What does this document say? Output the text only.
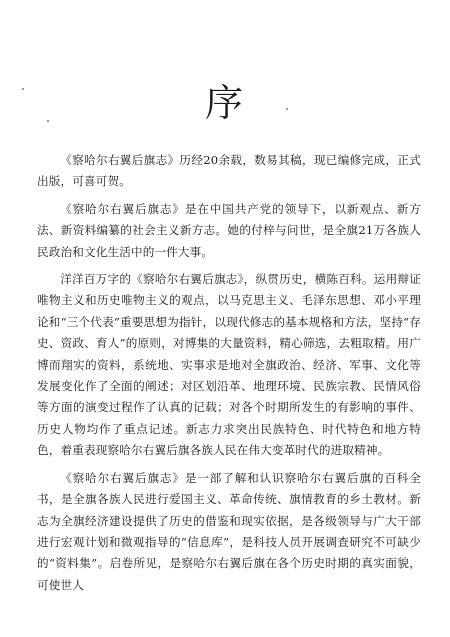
序

《察哈尔右翼后旗志》历经20余载，数易其稿，现已编修完成，正式出版，可喜可贺。

《察哈尔右翼后旗志》是在中国共产党的领导下，以新观点、新方法、新资料编纂的社会主义新方志。她的付梓与问世，是全旗21万各族人民政治和文化生活中的一件大事。

洋洋百万字的《察哈尔右翼后旗志》，纵贯历史，横陈百科。运用辩证唯物主义和历史唯物主义的观点，以马克思主义、毛泽东思想、邓小平理论和“三个代表”重要思想为指针，以现代修志的基本规格和方法，坚持“存史、资政、育人”的原则，对博集的大量资料，精心筛选，去粗取精。用广博而翔实的资料，系统地、实事求是地对全旗政治、经济、军事、文化等发展变化作了全面的阐述；对区划沿革、地理环境、民族宗教、民情风俗等方面的演变过程作了认真的记载；对各个时期所发生的有影响的事件、历史人物均作了重点记述。新志力求突出民族特色、时代特色和地方特色，着重表现察哈尔右翼后旗各族人民在伟大变革时代的进取精神。

《察哈尔右翼后旗志》是一部了解和认识察哈尔右翼后旗的百科全书，是全旗各族人民进行爱国主义、革命传统、旗情教育的乡土教材。新志为全旗经济建设提供了历史的借鉴和现实依据，是各级领导与广大干部进行宏观计划和微观指导的“信息库”，是科技人员开展调查研究不可缺少的“资料集”。启卷所见，是察哈尔右翼后旗在各个历史时期的真实面貌，可使世人
